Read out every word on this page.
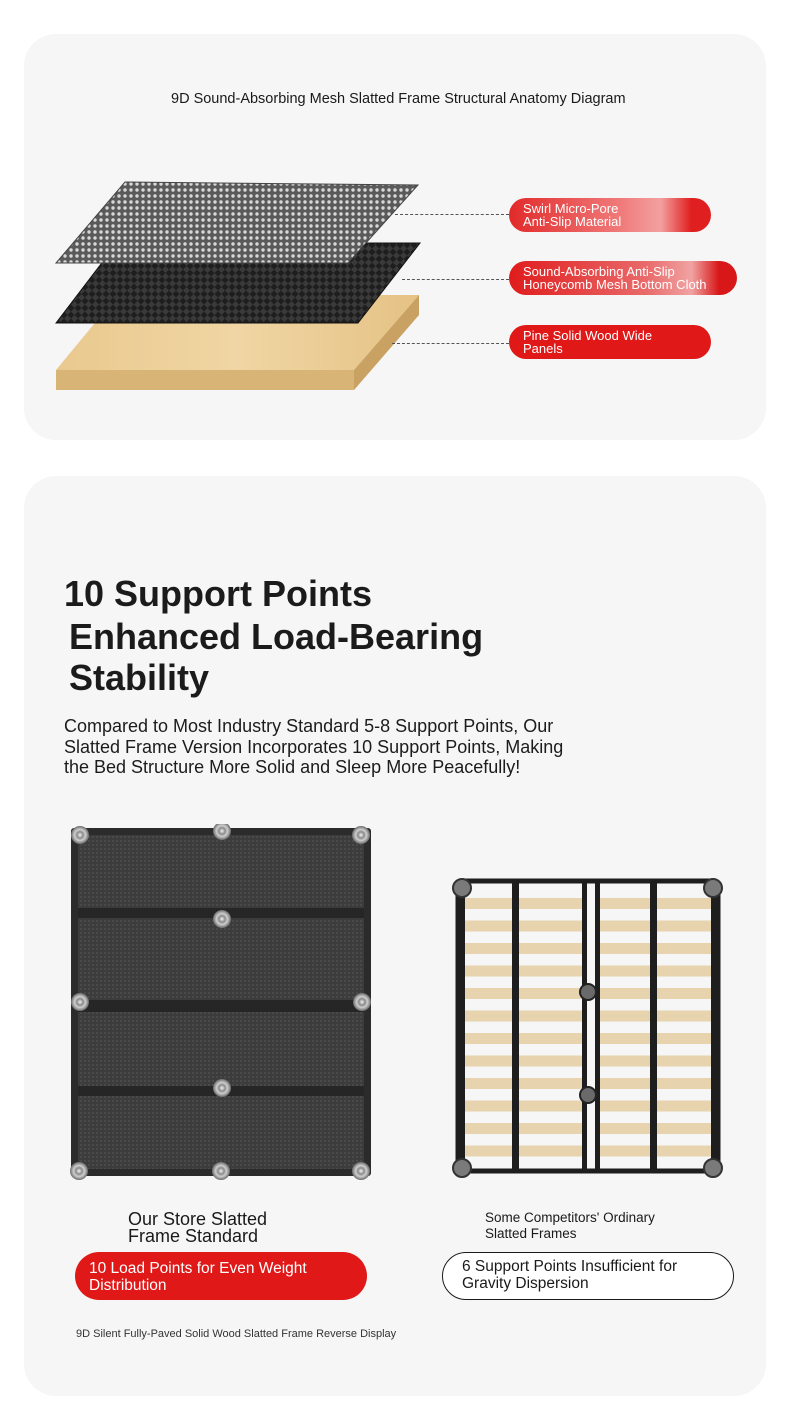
9D Sound-Absorbing Mesh Slatted Frame Structural Anatomy Diagram
Swirl Micro-Pore
Anti-Slip Material
Sound-Absorbing Anti-Slip
Honeycomb Mesh Bottom Cloth
Pine Solid Wood Wide
Panels
10 Support Points
Enhanced Load-Bearing
Stability
Compared to Most Industry Standard 5-8 Support Points, Our
Slatted Frame Version Incorporates 10 Support Points, Making
the Bed Structure More Solid and Sleep More Peacefully!
Our Store Slatted
Frame Standard
Some Competitors' Ordinary
Slatted Frames
10 Load Points for Even Weight
Distribution
6 Support Points Insufficient for
Gravity Dispersion
9D Silent Fully-Paved Solid Wood Slatted Frame Reverse Display
